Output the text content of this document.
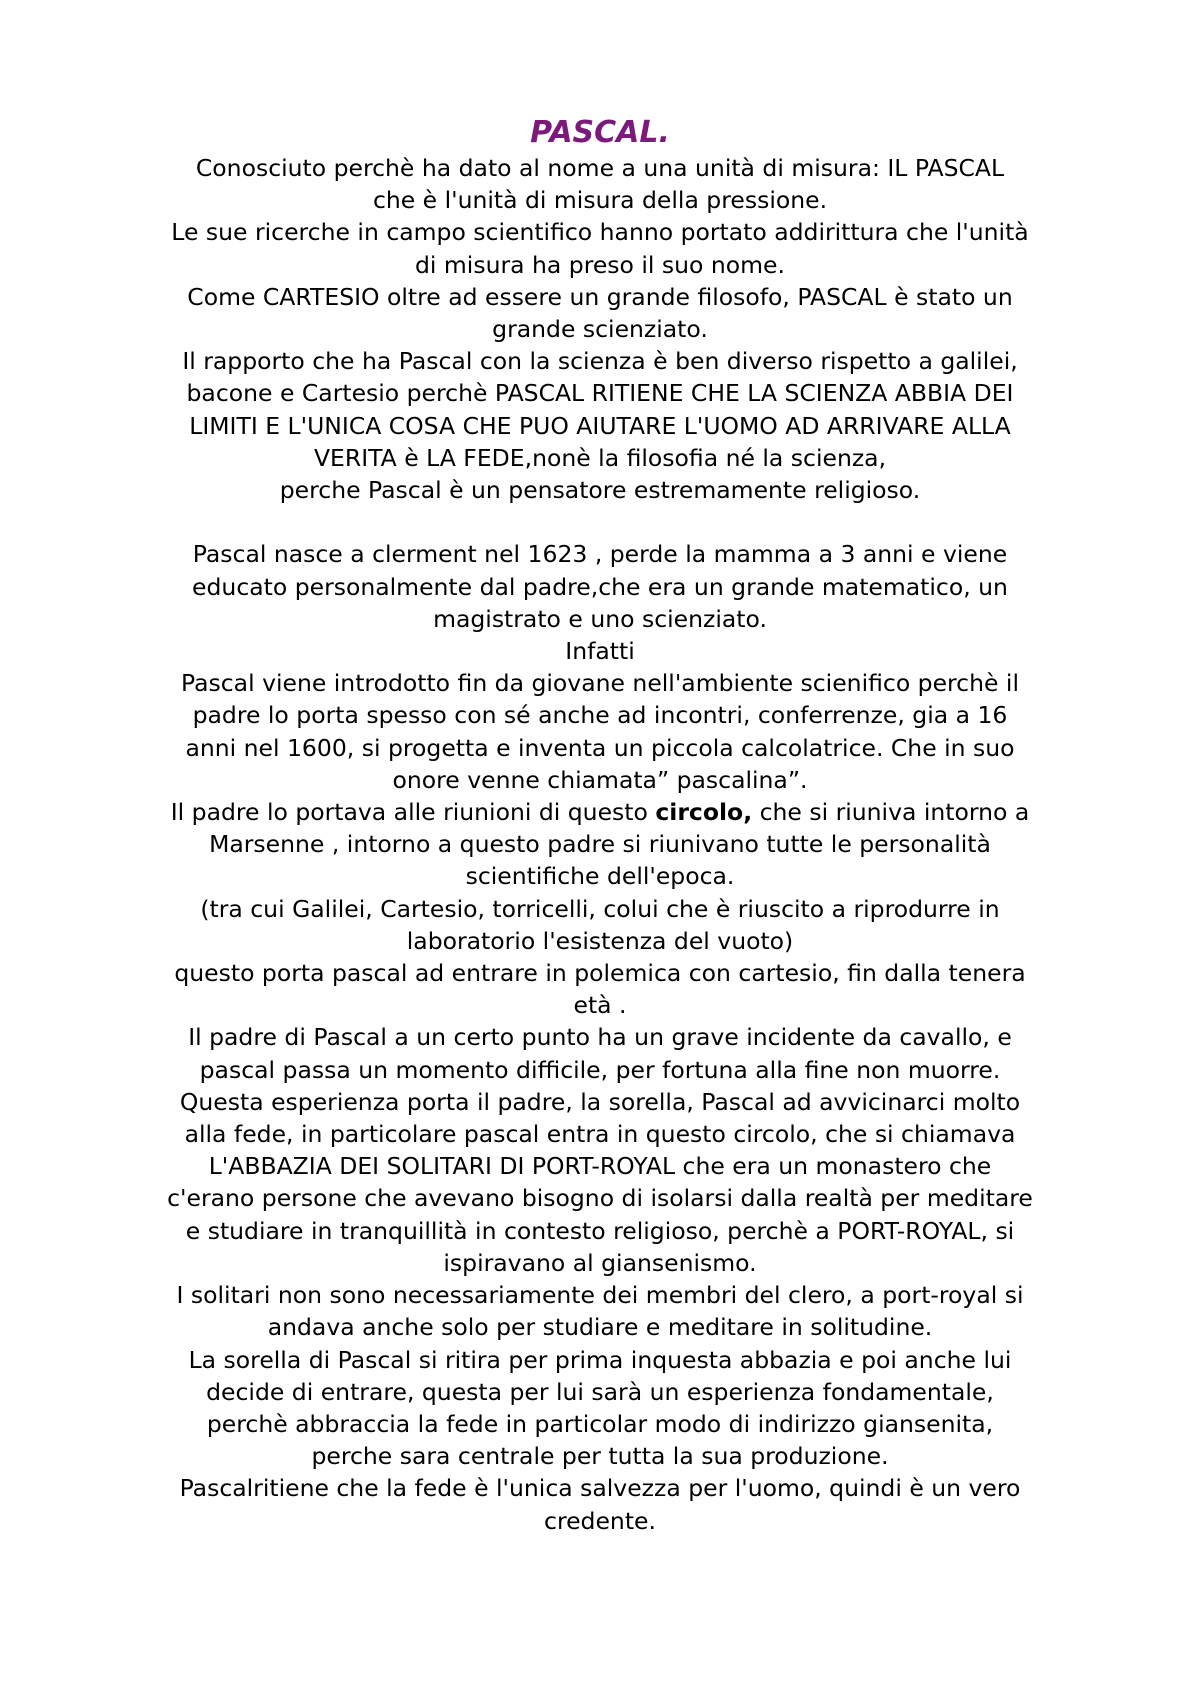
PASCAL.
Conosciuto perchè ha dato al nome a una unità di misura: IL PASCAL
che è l'unità di misura della pressione.
Le sue ricerche in campo scientifico hanno portato addirittura che l'unità
di misura ha preso il suo nome.
Come CARTESIO oltre ad essere un grande filosofo, PASCAL è stato un
grande scienziato.
Il rapporto che ha Pascal con la scienza è ben diverso rispetto a galilei,
bacone e Cartesio perchè PASCAL RITIENE CHE LA SCIENZA ABBIA DEI
LIMITI E L'UNICA COSA CHE PUO AIUTARE L'UOMO AD ARRIVARE ALLA
VERITA è LA FEDE,nonè la filosofia né la scienza,
perche Pascal è un pensatore estremamente religioso.
Pascal nasce a clerment nel 1623 , perde la mamma a 3 anni e viene
educato personalmente dal padre,che era un grande matematico, un
magistrato e uno scienziato.
Infatti
Pascal viene introdotto fin da giovane nell'ambiente scienifico perchè il
padre lo porta spesso con sé anche ad incontri, conferrenze, gia a 16
anni nel 1600, si progetta e inventa un piccola calcolatrice. Che in suo
onore venne chiamata” pascalina”.
Il padre lo portava alle riunioni di questo circolo, che si riuniva intorno a
Marsenne , intorno a questo padre si riunivano tutte le personalità
scientifiche dell'epoca.
(tra cui Galilei, Cartesio, torricelli, colui che è riuscito a riprodurre in
laboratorio l'esistenza del vuoto)
questo porta pascal ad entrare in polemica con cartesio, fin dalla tenera
età .
Il padre di Pascal a un certo punto ha un grave incidente da cavallo, e
pascal passa un momento difficile, per fortuna alla fine non muorre.
Questa esperienza porta il padre, la sorella, Pascal ad avvicinarci molto
alla fede, in particolare pascal entra in questo circolo, che si chiamava
L'ABBAZIA DEI SOLITARI DI PORT-ROYAL che era un monastero che
c'erano persone che avevano bisogno di isolarsi dalla realtà per meditare
e studiare in tranquillità in contesto religioso, perchè a PORT-ROYAL, si
ispiravano al giansenismo.
I solitari non sono necessariamente dei membri del clero, a port-royal si
andava anche solo per studiare e meditare in solitudine.
La sorella di Pascal si ritira per prima inquesta abbazia e poi anche lui
decide di entrare, questa per lui sarà un esperienza fondamentale,
perchè abbraccia la fede in particolar modo di indirizzo giansenita,
perche sara centrale per tutta la sua produzione.
Pascalritiene che la fede è l'unica salvezza per l'uomo, quindi è un vero
credente.
